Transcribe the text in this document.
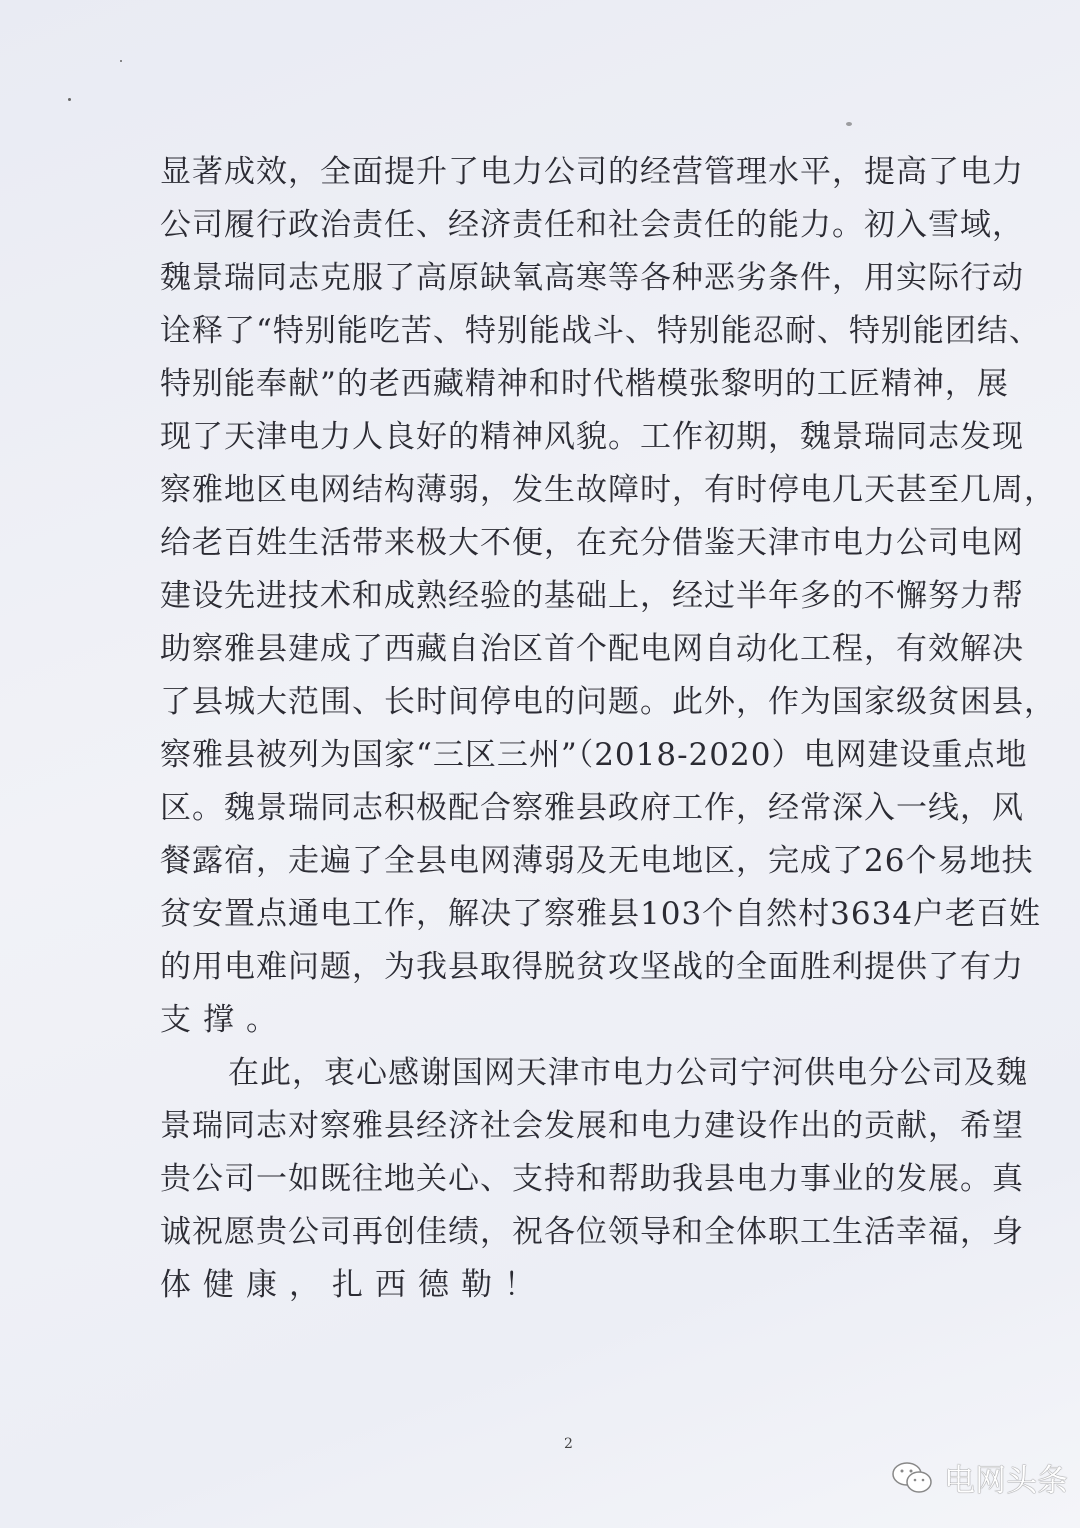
显著成效，全面提升了电力公司的经营管理水平，提高了电力
公司履行政治责任、经济责任和社会责任的能力。初入雪域，
魏景瑞同志克服了高原缺氧高寒等各种恶劣条件，用实际行动
诠释了“特别能吃苦、特别能战斗、特别能忍耐、特别能团结、
特别能奉献”的老西藏精神和时代楷模张黎明的工匠精神，展
现了天津电力人良好的精神风貌。工作初期，魏景瑞同志发现
察雅地区电网结构薄弱，发生故障时，有时停电几天甚至几周，
给老百姓生活带来极大不便，在充分借鉴天津市电力公司电网
建设先进技术和成熟经验的基础上，经过半年多的不懈努力帮
助察雅县建成了西藏自治区首个配电网自动化工程，有效解决
了县城大范围、长时间停电的问题。此外，作为国家级贫困县，
察雅县被列为国家“三区三州”（2018-2020）电网建设重点地
区。魏景瑞同志积极配合察雅县政府工作，经常深入一线，风
餐露宿，走遍了全县电网薄弱及无电地区，完成了26个易地扶
贫安置点通电工作，解决了察雅县103个自然村3634户老百姓
的用电难问题，为我县取得脱贫攻坚战的全面胜利提供了有力
支撑。
在此，衷心感谢国网天津市电力公司宁河供电分公司及魏
景瑞同志对察雅县经济社会发展和电力建设作出的贡献，希望
贵公司一如既往地关心、支持和帮助我县电力事业的发展。真
诚祝愿贵公司再创佳绩，祝各位领导和全体职工生活幸福，身
体健康，扎西德勒！
2
电网头条
